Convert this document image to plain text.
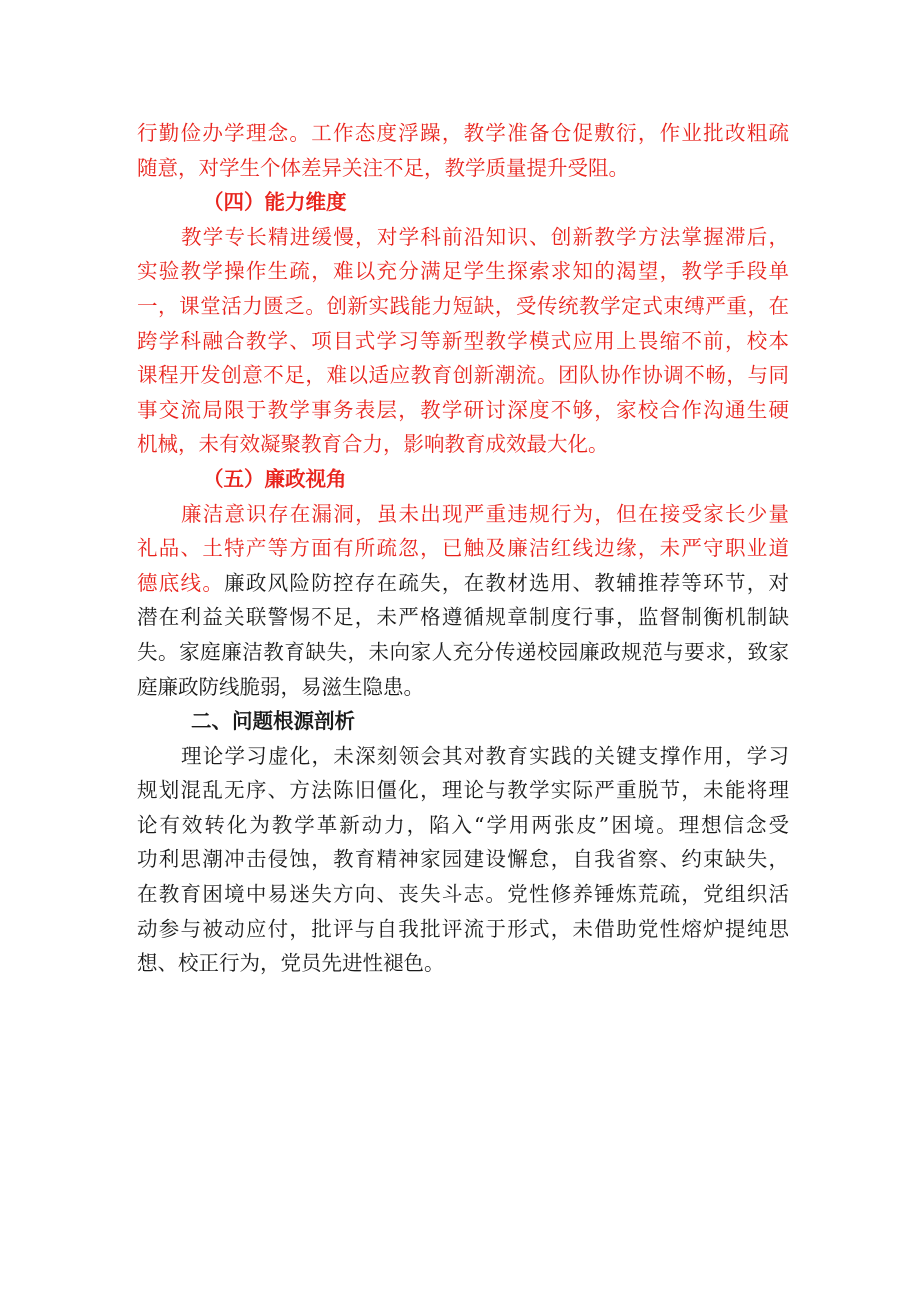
行勤俭办学理念。工作态度浮躁，教学准备仓促敷衍，作业批改粗疏
随意，对学生个体差异关注不足，教学质量提升受阻。
（四）能力维度
教学专长精进缓慢，对学科前沿知识、创新教学方法掌握滞后，
实验教学操作生疏，难以充分满足学生探索求知的渴望，教学手段单
一，课堂活力匮乏。创新实践能力短缺，受传统教学定式束缚严重，在
跨学科融合教学、项目式学习等新型教学模式应用上畏缩不前，校本
课程开发创意不足，难以适应教育创新潮流。团队协作协调不畅，与同
事交流局限于教学事务表层，教学研讨深度不够，家校合作沟通生硬
机械，未有效凝聚教育合力，影响教育成效最大化。
（五）廉政视角
廉洁意识存在漏洞，虽未出现严重违规行为，但在接受家长少量
礼品、土特产等方面有所疏忽，已触及廉洁红线边缘，未严守职业道
德底线。廉政风险防控存在疏失，在教材选用、教辅推荐等环节，对
潜在利益关联警惕不足，未严格遵循规章制度行事，监督制衡机制缺
失。家庭廉洁教育缺失，未向家人充分传递校园廉政规范与要求，致家
庭廉政防线脆弱，易滋生隐患。
二、问题根源剖析
理论学习虚化，未深刻领会其对教育实践的关键支撑作用，学习
规划混乱无序、方法陈旧僵化，理论与教学实际严重脱节，未能将理
论有效转化为教学革新动力，陷入“学用两张皮”困境。理想信念受
功利思潮冲击侵蚀，教育精神家园建设懈怠，自我省察、约束缺失，
在教育困境中易迷失方向、丧失斗志。党性修养锤炼荒疏，党组织活
动参与被动应付，批评与自我批评流于形式，未借助党性熔炉提纯思
想、校正行为，党员先进性褪色。
